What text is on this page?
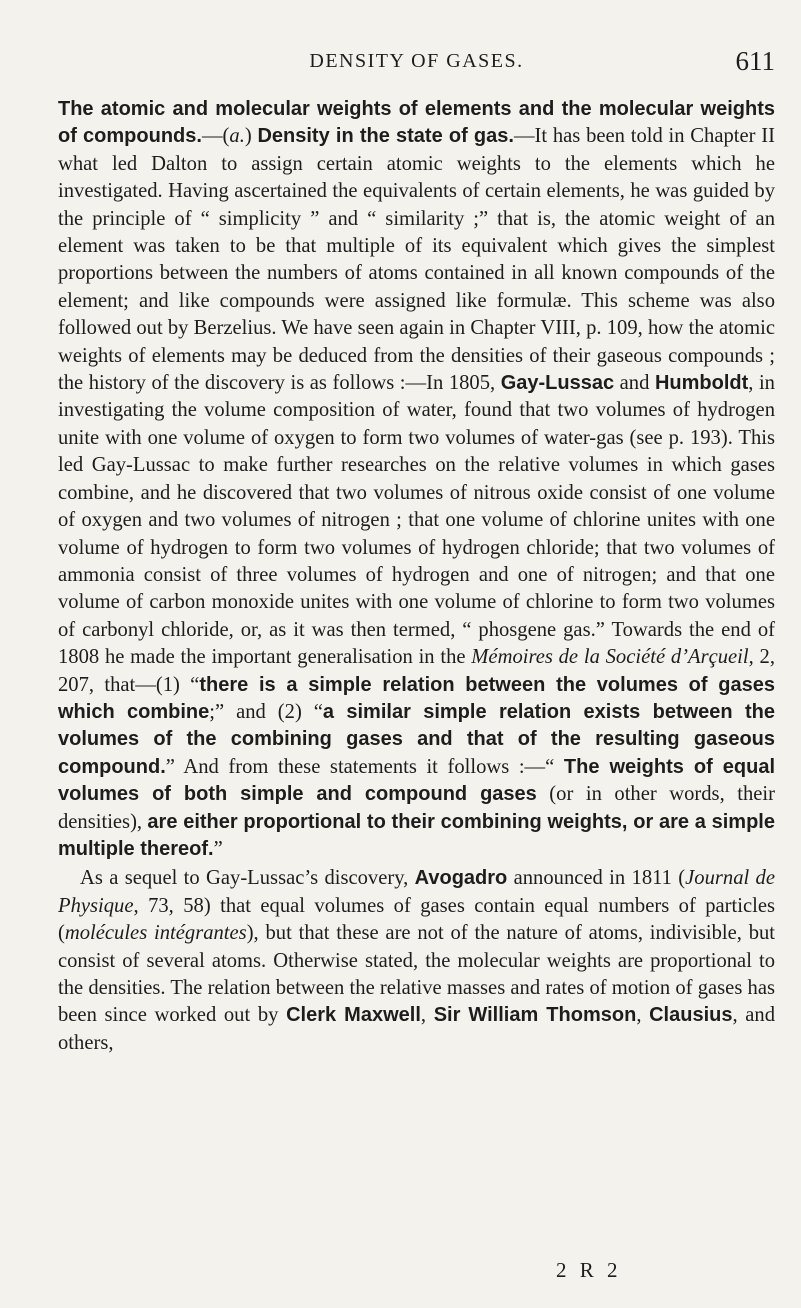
DENSITY OF GASES.	611

The atomic and molecular weights of elements and the molecular weights of compounds.—(a.) Density in the state of gas.—It has been told in Chapter II what led Dalton to assign certain atomic weights to the elements which he investigated. Having ascertained the equivalents of certain elements, he was guided by the principle of “ simplicity ” and “ similarity ;” that is, the atomic weight of an element was taken to be that multiple of its equivalent which gives the simplest proportions between the numbers of atoms contained in all known compounds of the element; and like compounds were assigned like formulæ. This scheme was also followed out by Berzelius. We have seen again in Chapter VIII, p. 109, how the atomic weights of elements may be deduced from the densities of their gaseous compounds ; the history of the discovery is as follows :—In 1805, Gay-Lussac and Humboldt, in investigating the volume composition of water, found that two volumes of hydrogen unite with one volume of oxygen to form two volumes of water-gas (see p. 193). This led Gay-Lussac to make further researches on the relative volumes in which gases combine, and he discovered that two volumes of nitrous oxide consist of one volume of oxygen and two volumes of nitrogen ; that one volume of chlorine unites with one volume of hydrogen to form two volumes of hydrogen chloride; that two volumes of ammonia consist of three volumes of hydrogen and one of nitrogen; and that one volume of carbon monoxide unites with one volume of chlorine to form two volumes of carbonyl chloride, or, as it was then termed, “ phosgene gas.” Towards the end of 1808 he made the important generalisation in the Mémoires de la Société d’Arçueil, 2, 207, that—(1) “there is a simple relation between the volumes of gases which combine;” and (2) “a similar simple relation exists between the volumes of the combining gases and that of the resulting gaseous compound.” And from these statements it follows :—“ The weights of equal volumes of both simple and compound gases (or in other words, their densities), are either proportional to their combining weights, or are a simple multiple thereof.”

As a sequel to Gay-Lussac’s discovery, Avogadro announced in 1811 (Journal de Physique, 73, 58) that equal volumes of gases contain equal numbers of particles (molécules intégrantes), but that these are not of the nature of atoms, indivisible, but consist of several atoms. Otherwise stated, the molecular weights are proportional to the densities. The relation between the relative masses and rates of motion of gases has been since worked out by Clerk Maxwell, Sir William Thomson, Clausius, and others,

2 R 2
